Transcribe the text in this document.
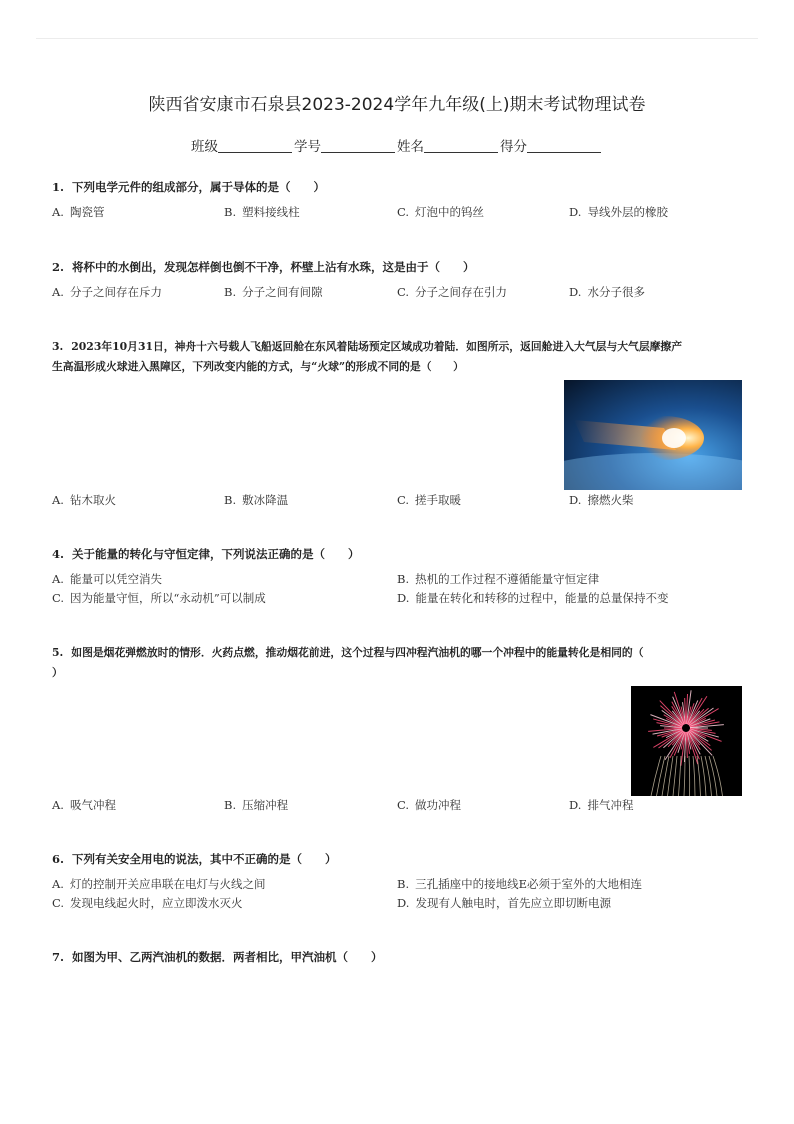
陕西省安康市石泉县2023-2024学年九年级(上)期末考试物理试卷
班级	学号	姓名	得分
1. 下列电学元件的组成部分，属于导体的是（　　）
A. 陶瓷管	B. 塑料接线柱	C. 灯泡中的钨丝	D. 导线外层的橡胶
2. 将杯中的水倒出，发现怎样倒也倒不干净，杯壁上沾有水珠，这是由于（　　）
A. 分子之间存在斥力	B. 分子之间有间隙	C. 分子之间存在引力	D. 水分子很多
3. 2023年10月31日，神舟十六号载人飞船返回舱在东风着陆场预定区域成功着陆．如图所示，返回舱进入大气层与大气层摩擦产
生高温形成火球进入黑障区，下列改变内能的方式，与“火球”的形成不同的是（　　）
A. 钻木取火	B. 敷冰降温	C. 搓手取暖	D. 擦燃火柴
4. 关于能量的转化与守恒定律，下列说法正确的是（　　）
A. 能量可以凭空消失	B. 热机的工作过程不遵循能量守恒定律
C. 因为能量守恒，所以“永动机”可以制成	D. 能量在转化和转移的过程中，能量的总量保持不变
5. 如图是烟花弹燃放时的情形．火药点燃，推动烟花前进，这个过程与四冲程汽油机的哪一个冲程中的能量转化是相同的（
）
A. 吸气冲程	B. 压缩冲程	C. 做功冲程	D. 排气冲程
6. 下列有关安全用电的说法，其中不正确的是（　　）
A. 灯的控制开关应串联在电灯与火线之间	B. 三孔插座中的接地线E必须于室外的大地相连
C. 发现电线起火时，应立即泼水灭火	D. 发现有人触电时，首先应立即切断电源
7. 如图为甲、乙两汽油机的数据．两者相比，甲汽油机（　　）
